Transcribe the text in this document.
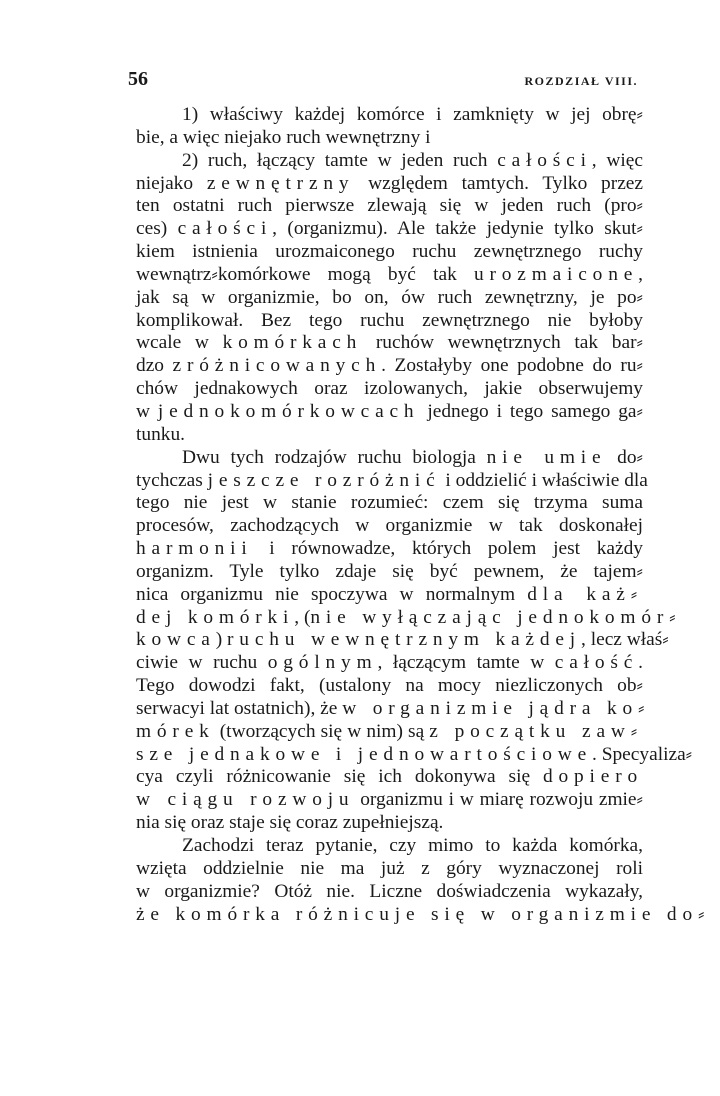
56	ROZDZIAŁ VIII.
1) właściwy każdej komórce i zamknięty w jej obrę⸗
bie, a więc niejako ruch wewnętrzny i
2) ruch, łączący tamte w jeden ruch całości, więc
niejako zewnętrzny względem tamtych. Tylko przez
ten ostatni ruch pierwsze zlewają się w jeden ruch (pro⸗
ces) całości, (organizmu). Ale także jedynie tylko skut⸗
kiem istnienia urozmaiconego ruchu zewnętrznego ruchy
wewnątrz⸗komórkowe mogą być tak urozmaicone,
jak są w organizmie, bo on, ów ruch zewnętrzny, je po⸗
komplikował. Bez tego ruchu zewnętrznego nie byłoby
wcale w komórkach ruchów wewnętrznych tak bar⸗
dzo zróżnicowanych. Zostałyby one podobne do ru⸗
chów jednakowych oraz izolowanych, jakie obserwujemy
w jednokomórkowcach jednego i tego samego ga⸗
tunku.
Dwu tych rodzajów ruchu biologja nie umie do⸗
tychczas jeszcze rozróżnić i oddzielić i właściwie dla
tego nie jest w stanie rozumieć: czem się trzyma suma
procesów, zachodzących w organizmie w tak doskonałej
harmonii i równowadze, których polem jest każdy
organizm. Tyle tylko zdaje się być pewnem, że tajem⸗
nica organizmu nie spoczywa w normalnym dla każ⸗
dej komórki, (nie wyłączając jednokomór⸗
kowca) ruchu wewnętrznym każdej, lecz właś⸗
ciwie w ruchu ogólnym, łączącym tamte w całość.
Tego dowodzi fakt, (ustalony na mocy niezliczonych ob⸗
serwacyi lat ostatnich), że w organizmie jądra ko⸗
mórek (tworzących się w nim) są z początku zaw⸗
sze jednakowe i jednowartościowe. Specyaliza⸗
cya czyli różnicowanie się ich dokonywa się dopiero
w ciągu rozwoju organizmu i w miarę rozwoju zmie⸗
nia się oraz staje się coraz zupełniejszą.
Zachodzi teraz pytanie, czy mimo to każda komórka,
wzięta oddzielnie nie ma już z góry wyznaczonej roli
w organizmie? Otóż nie. Liczne doświadczenia wykazały,
że komórka różnicuje się w organizmie do⸗
